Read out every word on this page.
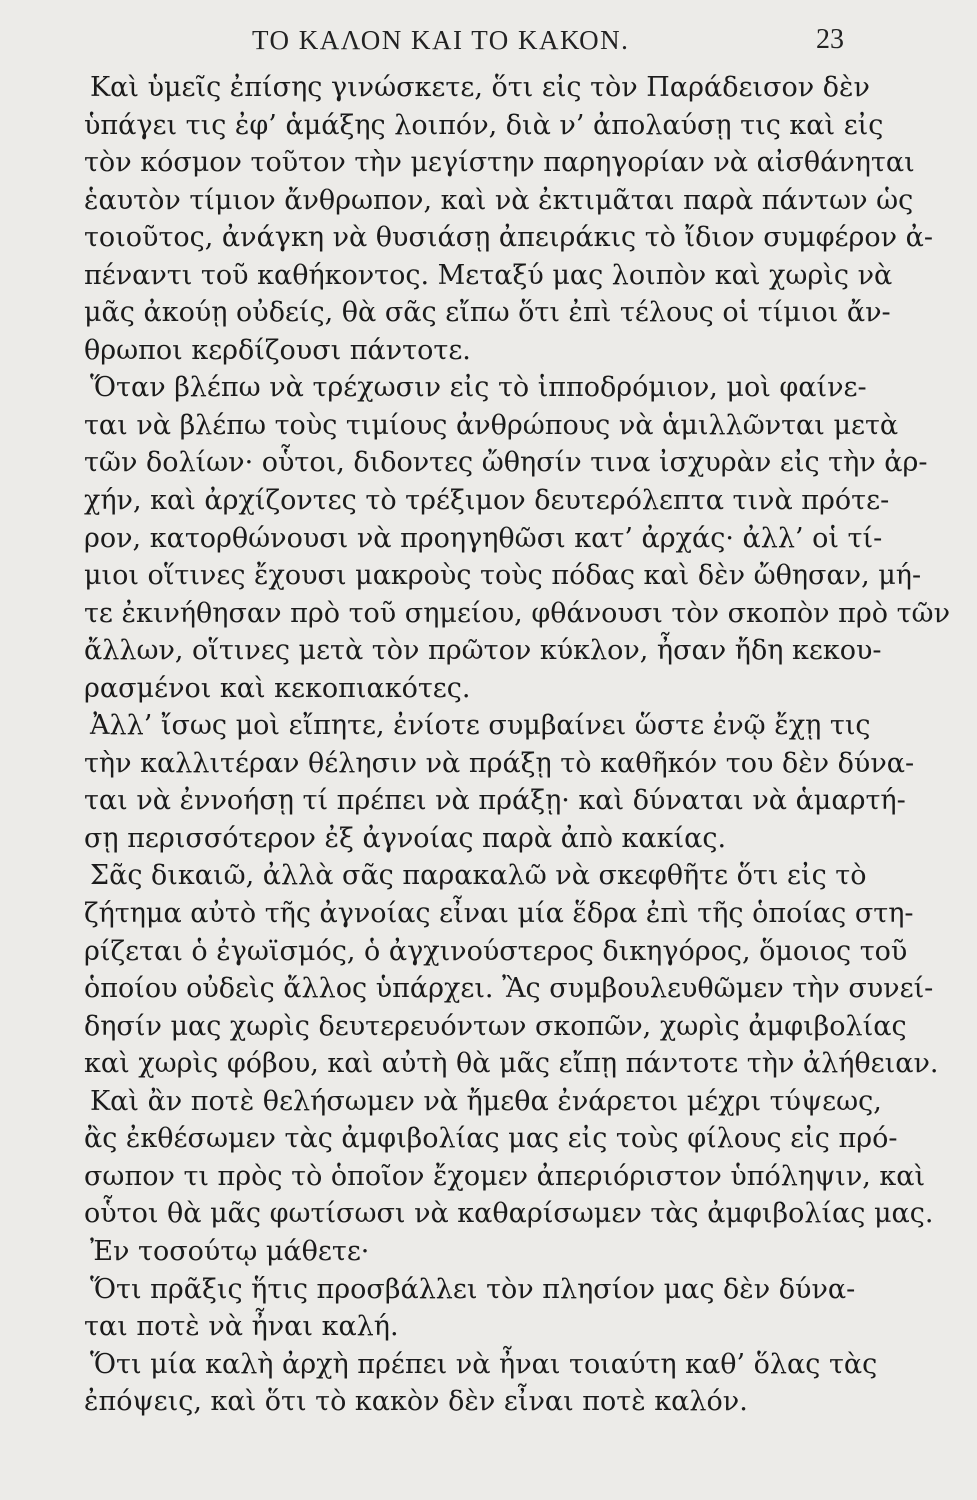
ΤΟ ΚΑΛΟΝ ΚΑΙ ΤΟ ΚΑΚΟΝ.	23
Καὶ ὑμεῖς ἐπίσης γινώσκετε, ὅτι εἰς τὸν Παράδεισον δὲν
ὑπάγει τις ἐφ’ ἁμάξης λοιπόν, διὰ ν’ ἀπολαύσῃ τις καὶ εἰς
τὸν κόσμον τοῦτον τὴν μεγίστην παρηγορίαν νὰ αἰσθάνηται
ἑαυτὸν τίμιον ἄνθρωπον, καὶ νὰ ἐκτιμᾶται παρὰ πάντων ὡς
τοιοῦτος, ἀνάγκη νὰ θυσιάσῃ ἀπειράκις τὸ ἴδιον συμφέρον ἀ-
πέναντι τοῦ καθήκοντος. Μεταξύ μας λοιπὸν καὶ χωρὶς νὰ
μᾶς ἀκούῃ οὐδείς, θὰ σᾶς εἴπω ὅτι ἐπὶ τέλους οἱ τίμιοι ἄν-
θρωποι κερδίζουσι πάντοτε.
Ὅταν βλέπω νὰ τρέχωσιν εἰς τὸ ἱπποδρόμιον, μοὶ φαίνε-
ται νὰ βλέπω τοὺς τιμίους ἀνθρώπους νὰ ἁμιλλῶνται μετὰ
τῶν δολίων· οὗτοι, διδοντες ὤθησίν τινα ἰσχυρὰν εἰς τὴν ἀρ-
χήν, καὶ ἀρχίζοντες τὸ τρέξιμον δευτερόλεπτα τινὰ πρότε-
ρον, κατορθώνουσι νὰ προηγηθῶσι κατ’ ἀρχάς· ἀλλ’ οἱ τί-
μιοι οἵτινες ἔχουσι μακροὺς τοὺς πόδας καὶ δὲν ὤθησαν, μή-
τε ἐκινήθησαν πρὸ τοῦ σημείου, φθάνουσι τὸν σκοπὸν πρὸ τῶν
ἄλλων, οἵτινες μετὰ τὸν πρῶτον κύκλον, ἦσαν ἤδη κεκου-
ρασμένοι καὶ κεκοπιακότες.
Ἀλλ’ ἴσως μοὶ εἴπητε, ἐνίοτε συμβαίνει ὥστε ἐνῷ ἔχῃ τις
τὴν καλλιτέραν θέλησιν νὰ πράξῃ τὸ καθῆκόν του δὲν δύνα-
ται νὰ ἐννοήσῃ τί πρέπει νὰ πράξῃ· καὶ δύναται νὰ ἁμαρτή-
σῃ περισσότερον ἐξ ἀγνοίας παρὰ ἀπὸ κακίας.
Σᾶς δικαιῶ, ἀλλὰ σᾶς παρακαλῶ νὰ σκεφθῆτε ὅτι εἰς τὸ
ζήτημα αὐτὸ τῆς ἀγνοίας εἶναι μία ἕδρα ἐπὶ τῆς ὁποίας στη-
ρίζεται ὁ ἐγωϊσμός, ὁ ἀγχινούστερος δικηγόρος, ὅμοιος τοῦ
ὁποίου οὐδεὶς ἄλλος ὑπάρχει. Ἂς συμβουλευθῶμεν τὴν συνεί-
δησίν μας χωρὶς δευτερευόντων σκοπῶν, χωρὶς ἀμφιβολίας
καὶ χωρὶς φόβου, καὶ αὐτὴ θὰ μᾶς εἴπῃ πάντοτε τὴν ἀλήθειαν.
Καὶ ἂν ποτὲ θελήσωμεν νὰ ἤμεθα ἐνάρετοι μέχρι τύψεως,
ἂς ἐκθέσωμεν τὰς ἀμφιβολίας μας εἰς τοὺς φίλους εἰς πρό-
σωπον τι πρὸς τὸ ὁποῖον ἔχομεν ἀπεριόριστον ὑπόληψιν, καὶ
οὗτοι θὰ μᾶς φωτίσωσι νὰ καθαρίσωμεν τὰς ἀμφιβολίας μας.
Ἐν τοσούτῳ μάθετε·
Ὅτι πρᾶξις ἥτις προσβάλλει τὸν πλησίον μας δὲν δύνα-
ται ποτὲ νὰ ἦναι καλή.
Ὅτι μία καλὴ ἀρχὴ πρέπει νὰ ἦναι τοιαύτη καθ’ ὅλας τὰς
ἐπόψεις, καὶ ὅτι τὸ κακὸν δὲν εἶναι ποτὲ καλόν.
